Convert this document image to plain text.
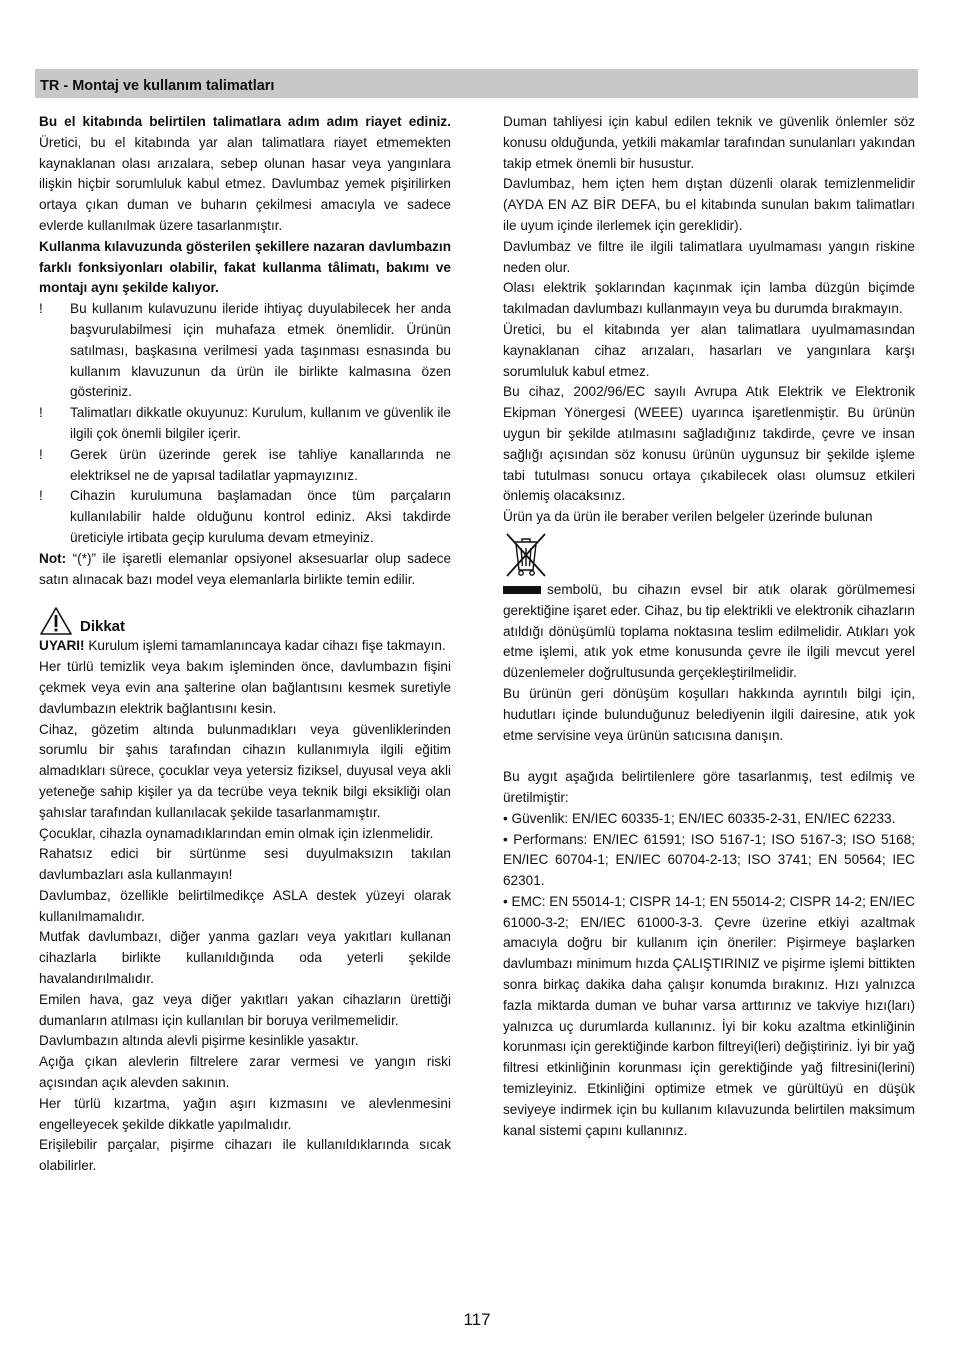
TR - Montaj ve kullanım talimatları

Bu el kitabında belirtilen talimatlara adım adım riayet ediniz. Üretici, bu el kitabında yar alan talimatlara riayet etmemekten kaynaklanan olası arızalara, sebep olunan hasar veya yangınlara ilişkin hiçbir sorumluluk kabul etmez. Davlumbaz yemek pişirilirken ortaya çıkan duman ve buharın çekilmesi amacıyla ve sadece evlerde kullanılmak üzere tasarlanmıştır.

Kullanma kılavuzunda gösterilen şekillere nazaran davlumbazın farklı fonksiyonları olabilir, fakat kullanma tâlimatı, bakımı ve montajı aynı şekilde kalıyor.

!	Bu kullanım kulavuzunu ileride ihtiyaç duyulabilecek her anda başvurulabilmesi için muhafaza etmek önemlidir. Ürünün satılması, başkasına verilmesi yada taşınması esnasında bu kullanım klavuzunun da ürün ile birlikte kalmasına özen gösteriniz.
!	Talimatları dikkatle okuyunuz: Kurulum, kullanım ve güvenlik ile ilgili çok önemli bilgiler içerir.
!	Gerek ürün üzerinde gerek ise tahliye kanallarında ne elektriksel ne de yapısal tadilatlar yapmayızınız.
!	Cihazin kurulumuna başlamadan önce tüm parçaların kullanılabilir halde olduğunu kontrol ediniz. Aksi takdirde üreticiyle irtibata geçip kuruluma devam etmeyiniz.

Not: “(*)” ile işaretli elemanlar opsiyonel aksesuarlar olup sadece satın alınacak bazı model veya elemanlarla birlikte temin edilir.

Dikkat

UYARI! Kurulum işlemi tamamlanıncaya kadar cihazı fişe takmayın.

Her türlü temizlik veya bakım işleminden önce, davlumbazın fişini çekmek veya evin ana şalterine olan bağlantısını kesmek suretiyle davlumbazın elektrik bağlantısını kesin.

Cihaz, gözetim altında bulunmadıkları veya güvenliklerinden sorumlu bir şahıs tarafından cihazın kullanımıyla ilgili eğitim almadıkları sürece, çocuklar veya yetersiz fiziksel, duyusal veya akli yeteneğe sahip kişiler ya da tecrübe veya teknik bilgi eksikliği olan şahıslar tarafından kullanılacak şekilde tasarlanmamıştır.

Çocuklar, cihazla oynamadıklarından emin olmak için izlenmelidir.

Rahatsız edici bir sürtünme sesi duyulmaksızın takılan davlumbazları asla kullanmayın!

Davlumbaz, özellikle belirtilmedikçe ASLA destek yüzeyi olarak kullanılmamalıdır.

Mutfak davlumbazı, diğer yanma gazları veya yakıtları kullanan cihazlarla birlikte kullanıldığında oda yeterli şekilde havalandırılmalıdır.

Emilen hava, gaz veya diğer yakıtları yakan cihazların ürettiği dumanların atılması için kullanılan bir boruya verilmemelidir.

Davlumbazın altında alevli pişirme kesinlikle yasaktır.

Açığa çıkan alevlerin filtrelere zarar vermesi ve yangın riski açısından açık alevden sakının.

Her türlü kızartma, yağın aşırı kızmasını ve alevlenmesini engelleyecek şekilde dikkatle yapılmalıdır.

Erişilebilir parçalar, pişirme cihazarı ile kullanıldıklarında sıcak olabilirler.

Duman tahliyesi için kabul edilen teknik ve güvenlik önlemler söz konusu olduğunda, yetkili makamlar tarafından sunulanları yakından takip etmek önemli bir husustur.

Davlumbaz, hem içten hem dıştan düzenli olarak temizlenmelidir (AYDA EN AZ BİR DEFA, bu el kitabında sunulan bakım talimatları ile uyum içinde ilerlemek için gereklidir).

Davlumbaz ve filtre ile ilgili talimatlara uyulmaması yangın riskine neden olur.

Olası elektrik şoklarından kaçınmak için lamba düzgün biçimde takılmadan davlumbazı kullanmayın veya bu durumda bırakmayın.

Üretici, bu el kitabında yer alan talimatlara uyulmamasından kaynaklanan cihaz arızaları, hasarları ve yangınlara karşı sorumluluk kabul etmez.

Bu cihaz, 2002/96/EC sayılı Avrupa Atık Elektrik ve Elektronik Ekipman Yönergesi (WEEE) uyarınca işaretlenmiştir. Bu ürünün uygun bir şekilde atılmasını sağladığınız takdirde, çevre ve insan sağlığı açısından söz konusu ürünün uygunsuz bir şekilde işleme tabi tutulması sonucu ortaya çıkabilecek olası olumsuz etkileri önlemiş olacaksınız.

Ürün ya da ürün ile beraber verilen belgeler üzerinde bulunan

sembolü, bu cihazın evsel bir atık olarak görülmemesi gerektiğine işaret eder. Cihaz, bu tip elektrikli ve elektronik cihazların atıldığı dönüşümlü toplama noktasına teslim edilmelidir. Atıkları yok etme işlemi, atık yok etme konusunda çevre ile ilgili mevcut yerel düzenlemeler doğrultusunda gerçekleştirilmelidir.

Bu ürünün geri dönüşüm koşulları hakkında ayrıntılı bilgi için, hudutları içinde bulunduğunuz belediyenin ilgili dairesine, atık yok etme servisine veya ürünün satıcısına danışın.

Bu aygıt aşağıda belirtilenlere göre tasarlanmış, test edilmiş ve üretilmiştir:

• Güvenlik: EN/IEC 60335-1; EN/IEC 60335-2-31, EN/IEC 62233.

• Performans: EN/IEC 61591; ISO 5167-1; ISO 5167-3; ISO 5168; EN/IEC 60704-1; EN/IEC 60704-2-13; ISO 3741; EN 50564; IEC 62301.

• EMC: EN 55014-1; CISPR 14-1; EN 55014-2; CISPR 14-2; EN/IEC 61000-3-2; EN/IEC 61000-3-3. Çevre üzerine etkiyi azaltmak amacıyla doğru bir kullanım için öneriler: Pişirmeye başlarken davlumbazı minimum hızda ÇALIŞTIRINIZ ve pişirme işlemi bittikten sonra birkaç dakika daha çalışır konumda bırakınız. Hızı yalnızca fazla miktarda duman ve buhar varsa arttırınız ve takviye hızı(ları) yalnızca uç durumlarda kullanınız. İyi bir koku azaltma etkinliğinin korunması için gerektiğinde karbon filtreyi(leri) değiştiriniz. İyi bir yağ filtresi etkinliğinin korunması için gerektiğinde yağ filtresini(lerini) temizleyiniz. Etkinliğini optimize etmek ve gürültüyü en düşük seviyeye indirmek için bu kullanım kılavuzunda belirtilen maksimum kanal sistemi çapını kullanınız.

117
